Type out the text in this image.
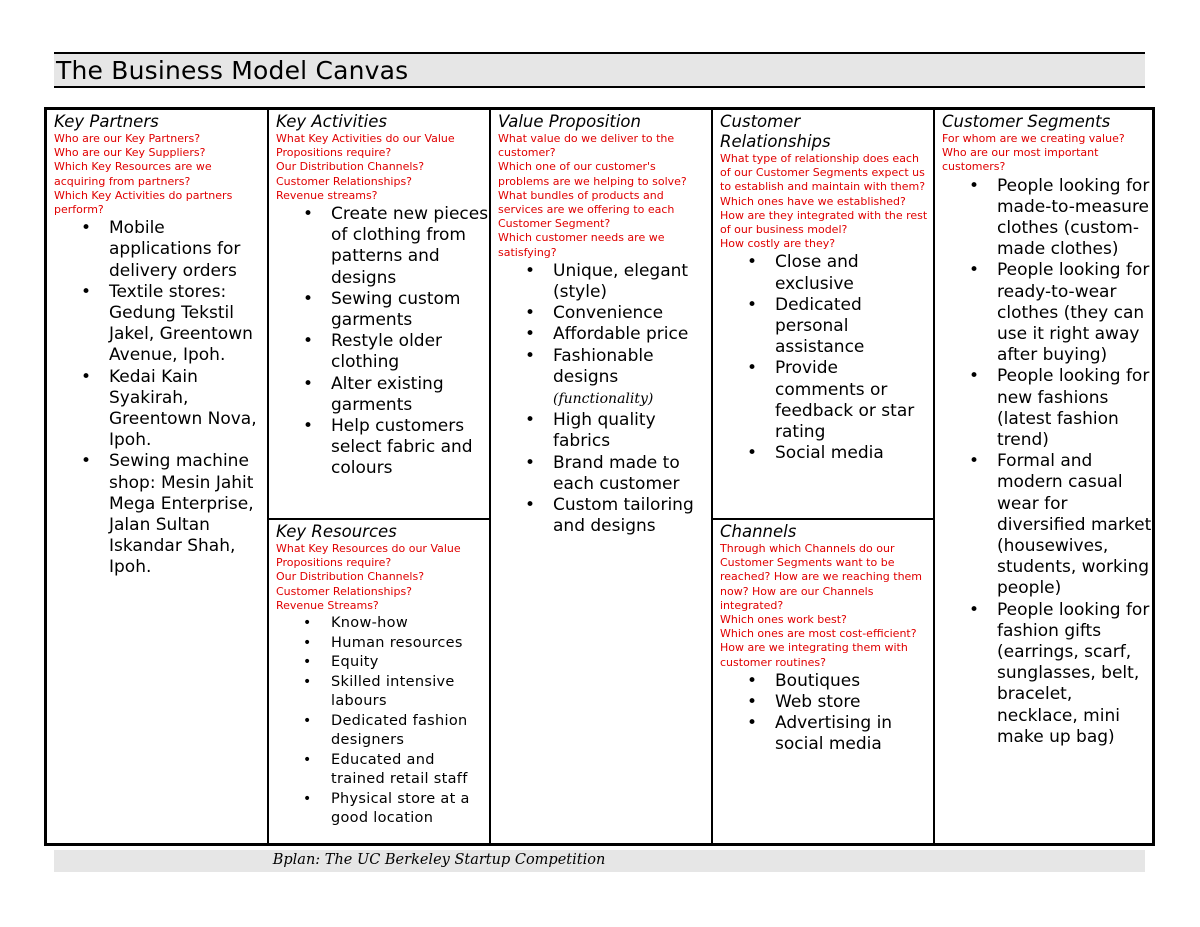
The Business Model Canvas
Key Partners
Who are our Key Partners?
Who are our Key Suppliers?
Which Key Resources are we acquiring from partners?
Which Key Activities do partners perform?
• Mobile applications for delivery orders
• Textile stores: Gedung Tekstil Jakel, Greentown Avenue, Ipoh.
• Kedai Kain Syakirah, Greentown Nova, Ipoh.
• Sewing machine shop: Mesin Jahit Mega Enterprise, Jalan Sultan Iskandar Shah, Ipoh.
Key Activities
What Key Activities do our Value Propositions require?
Our Distribution Channels?
Customer Relationships?
Revenue streams?
• Create new pieces of clothing from patterns and designs
• Sewing custom garments
• Restyle older clothing
• Alter existing garments
• Help customers select fabric and colours
Key Resources
What Key Resources do our Value Propositions require?
Our Distribution Channels?
Customer Relationships?
Revenue Streams?
• Know-how
• Human resources
• Equity
• Skilled intensive labours
• Dedicated fashion designers
• Educated and trained retail staff
• Physical store at a good location
Value Proposition
What value do we deliver to the customer?
Which one of our customer's problems are we helping to solve?
What bundles of products and services are we offering to each Customer Segment?
Which customer needs are we satisfying?
• Unique, elegant (style)
• Convenience
• Affordable price
• Fashionable designs
(functionality)
• High quality fabrics
• Brand made to each customer
• Custom tailoring and designs
Customer Relationships
What type of relationship does each of our Customer Segments expect us to establish and maintain with them?
Which ones have we established?
How are they integrated with the rest of our business model?
How costly are they?
• Close and exclusive
• Dedicated personal assistance
• Provide comments or feedback or star rating
• Social media
Channels
Through which Channels do our Customer Segments want to be reached? How are we reaching them now? How are our Channels integrated?
Which ones work best?
Which ones are most cost-efficient?
How are we integrating them with customer routines?
• Boutiques
• Web store
• Advertising in social media
Customer Segments
For whom are we creating value?
Who are our most important customers?
• People looking for made-to-measure clothes (custom-made clothes)
• People looking for ready-to-wear clothes (they can use it right away after buying)
• People looking for new fashions (latest fashion trend)
• Formal and modern casual wear for diversified market (housewives, students, working people)
• People looking for fashion gifts (earrings, scarf, sunglasses, belt, bracelet, necklace, mini make up bag)
Bplan: The UC Berkeley Startup Competition
